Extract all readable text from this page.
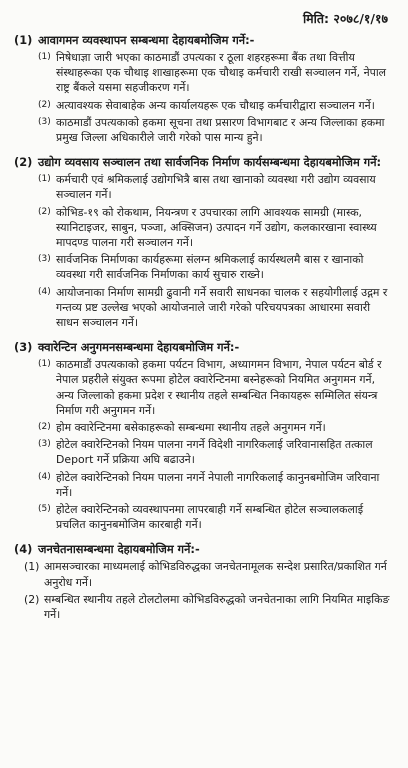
मिति: २०७८/१/१७
(1) आवागमन व्यवस्थापन सम्बन्धमा देहायबमोजिम गर्ने:-
(1) निषेधाज्ञा जारी भएका काठमाडौं उपत्यका र ठूला शहरहरूमा बैंक तथा वित्तीय संस्थाहरूका एक चौथाइ शाखाहरूमा एक चौथाइ कर्मचारी राखी सञ्चालन गर्ने, नेपाल राष्ट्र बैंकले यसमा सहजीकरण गर्ने।
(2) अत्यावश्यक सेवाबाहेक अन्य कार्यालयहरू एक चौथाइ कर्मचारीद्वारा सञ्चालन गर्ने।
(3) काठमाडौं उपत्यकाको हकमा सूचना तथा प्रसारण विभागबाट र अन्य जिल्लाका हकमा प्रमुख जिल्ला अधिकारीले जारी गरेको पास मान्य हुने।
(2) उद्योग व्यवसाय सञ्चालन तथा सार्वजनिक निर्माण कार्यसम्बन्धमा देहायबमोजिम गर्ने:
(1) कर्मचारी एवं श्रमिकलाई उद्योगभित्रै बास तथा खानाको व्यवस्था गरी उद्योग व्यवसाय सञ्चालन गर्ने।
(2) कोभिड-१९ को रोकथाम, नियन्त्रण र उपचारका लागि आवश्यक सामग्री (मास्क, स्यानिटाइजर, साबुन, पञ्जा, अक्सिजन) उत्पादन गर्ने उद्योग, कलकारखाना स्वास्थ्य मापदण्ड पालना गरी सञ्चालन गर्ने।
(3) सार्वजनिक निर्माणका कार्यहरूमा संलग्न श्रमिकलाई कार्यस्थलमै बास र खानाको व्यवस्था गरी सार्वजनिक निर्माणका कार्य सुचारु राख्ने।
(4) आयोजनाका निर्माण सामग्री ढुवानी गर्ने सवारी साधनका चालक र सहयोगीलाई उद्गम र गन्तव्य प्रष्ट उल्लेख भएको आयोजनाले जारी गरेको परिचयपत्रका आधारमा सवारी साधन सञ्चालन गर्ने।
(3) क्वारेन्टिन अनुगमनसम्बन्धमा देहायबमोजिम गर्ने:-
(1) काठमाडौं उपत्यकाको हकमा पर्यटन विभाग, अध्यागमन विभाग, नेपाल पर्यटन बोर्ड र नेपाल प्रहरीले संयुक्त रूपमा होटेल क्वारेन्टिनमा बस्नेहरूको नियमित अनुगमन गर्ने, अन्य जिल्लाको हकमा प्रदेश र स्थानीय तहले सम्बन्धित निकायहरू सम्मिलित संयन्त्र निर्माण गरी अनुगमन गर्ने।
(2) होम क्वारेन्टिनमा बसेकाहरूको सम्बन्धमा स्थानीय तहले अनुगमन गर्ने।
(3) होटेल क्वारेन्टिनको नियम पालना नगर्ने विदेशी नागरिकलाई जरिवानासहित तत्काल Deport गर्ने प्रक्रिया अघि बढाउने।
(4) होटेल क्वारेन्टिनको नियम पालना नगर्ने नेपाली नागरिकलाई कानुनबमोजिम जरिवाना गर्ने।
(5) होटेल क्वारेन्टिनको व्यवस्थापनमा लापरबाही गर्ने सम्बन्धित होटेल सञ्चालकलाई प्रचलित कानुनबमोजिम कारबाही गर्ने।
(4) जनचेतनासम्बन्धमा देहायबमोजिम गर्ने:-
(1) आमसञ्चारका माध्यमलाई कोभिडविरुद्धका जनचेतनामूलक सन्देश प्रसारित/प्रकाशित गर्न अनुरोध गर्ने।
(2) सम्बन्धित स्थानीय तहले टोलटोलमा कोभिडविरुद्धको जनचेतनाका लागि नियमित माइकिङ गर्ने।
